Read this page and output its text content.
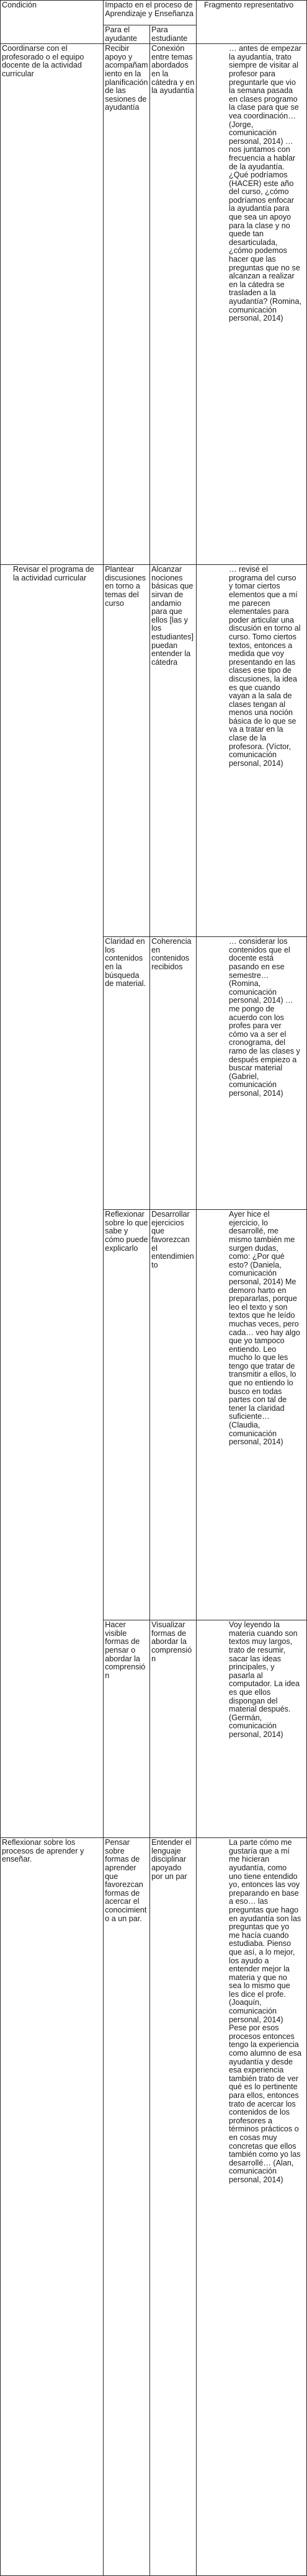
Condición	Impacto en el proceso de Aprendizaje y Enseñanza		Fragmento representativo
	Para el ayudante	Para estudiante	
Coordinarse con el profesorado o el equipo docente de la actividad curricular	Recibir apoyo y acompañamiento en la planificación de las sesiones de ayudantía	Conexión entre temas abordados en la cátedra y en la ayudantía	… antes de empezar la ayudantía, trato siempre de visitar al profesor para preguntarle que vio la semana pasada en clases programo la clase para que se vea coordinación… (Jorge, comunicación personal, 2014) … nos juntamos con frecuencia a hablar de la ayudantía. ¿Qué podríamos (HACER) este año del curso, ¿cómo podríamos enfocar la ayudantía para que sea un apoyo para la clase y no quede tan desarticulada, ¿cómo podemos hacer que las preguntas que no se alcanzan a realizar en la cátedra se trasladen a la ayudantía? (Romina, comunicación personal, 2014)
Revisar el programa de la actividad curricular	Plantear discusiones en torno a temas del curso	Alcanzar nociones básicas que sirvan de andamio para que ellos [las y los estudiantes] puedan entender la cátedra	… revisé el programa del curso y tomar ciertos elementos que a mí me parecen elementales para poder articular una discusión en torno al curso. Tomo ciertos textos, entonces a medida que voy presentando en las clases ese tipo de discusiones, la idea es que cuando vayan a la sala de clases tengan al menos una noción básica de lo que se va a tratar en la clase de la profesora. (Víctor, comunicación personal, 2014)
	Claridad en los contenidos en la búsqueda de material.	Coherencia en contenidos recibidos	… considerar los contenidos que el docente está pasando en ese semestre… (Romina, comunicación personal, 2014) … me pongo de acuerdo con los profes para ver cómo va a ser el cronograma, del ramo de las clases y después empiezo a buscar material (Gabriel, comunicación personal, 2014)
	Reflexionar sobre lo que sabe y cómo puede explicarlo	Desarrollar ejercicios que favorezcan el entendimiento	Ayer hice el ejercicio, lo desarrollé, me mismo también me surgen dudas, como: ¿Por qué esto? (Daniela, comunicación personal, 2014) Me demoro harto en prepararlas, porque leo el texto y son textos que he leído muchas veces, pero cada… veo hay algo que yo tampoco entiendo. Leo mucho lo que les tengo que tratar de transmitir a ellos, lo que no entiendo lo busco en todas partes con tal de tener la claridad suficiente… (Claudia, comunicación personal, 2014)
	Hacer visible formas de pensar o abordar la comprensión	Visualizar formas de abordar la comprensión	Voy leyendo la materia cuando son textos muy largos, trato de resumir, sacar las ideas principales, y pasarla al computador. La idea es que ellos dispongan del material después. (Germán, comunicación personal, 2014)
Reflexionar sobre los procesos de aprender y enseñar.	Pensar sobre formas de aprender que favorezcan formas de acercar el conocimiento a un par.	Entender el lenguaje disciplinar apoyado por un par	La parte cómo me gustaría que a mí me hicieran ayudantía, como uno tiene entendido yo, entonces las voy preparando en base a eso… las preguntas que hago en ayudantía son las preguntas que yo me hacía cuando estudiaba. Pienso que así, a lo mejor, los ayudo a entender mejor la materia y que no sea lo mismo que les dice el profe. (Joaquín, comunicación personal, 2014) Pese por esos procesos entonces tengo la experiencia como alumno de esa ayudantía y desde esa experiencia también trato de ver qué es lo pertinente para ellos, entonces trato de acercar los contenidos de los profesores a términos prácticos o en cosas muy concretas que ellos también como yo las desarrollé… (Alan, comunicación personal, 2014)
